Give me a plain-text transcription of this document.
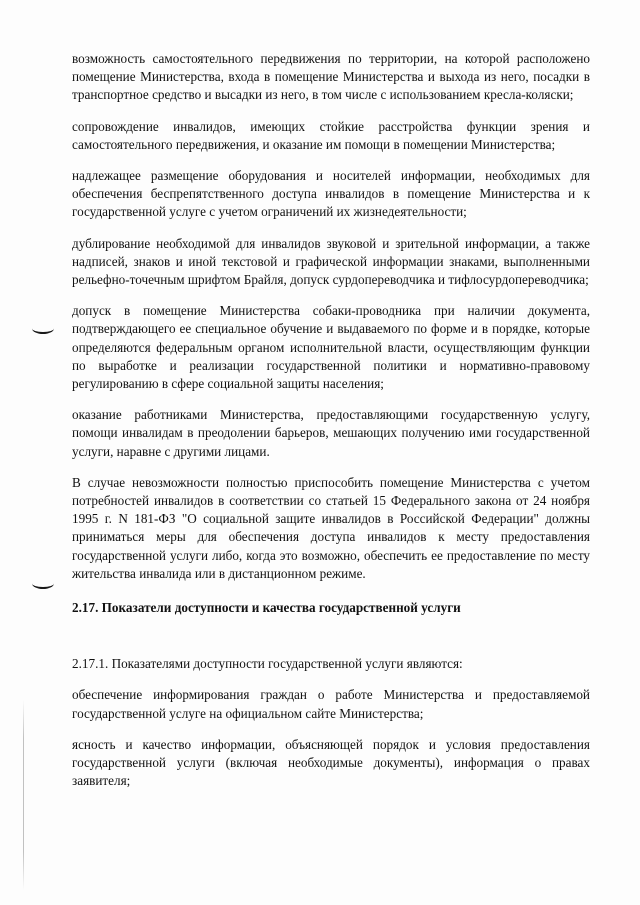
возможность самостоятельного передвижения по территории, на которой расположено помещение Министерства, входа в помещение Министерства и выхода из него, посадки в транспортное средство и высадки из него, в том числе с использованием кресла-коляски;

сопровождение инвалидов, имеющих стойкие расстройства функции зрения и самостоятельного передвижения, и оказание им помощи в помещении Министерства;

надлежащее размещение оборудования и носителей информации, необходимых для обеспечения беспрепятственного доступа инвалидов в помещение Министерства и к государственной услуге с учетом ограничений их жизнедеятельности;

дублирование необходимой для инвалидов звуковой и зрительной информации, а также надписей, знаков и иной текстовой и графической информации знаками, выполненными рельефно-точечным шрифтом Брайля, допуск сурдопереводчика и тифлосурдопереводчика;

допуск в помещение Министерства собаки-проводника при наличии документа, подтверждающего ее специальное обучение и выдаваемого по форме и в порядке, которые определяются федеральным органом исполнительной власти, осуществляющим функции по выработке и реализации государственной политики и нормативно-правовому регулированию в сфере социальной защиты населения;

оказание работниками Министерства, предоставляющими государственную услугу, помощи инвалидам в преодолении барьеров, мешающих получению ими государственной услуги, наравне с другими лицами.

В случае невозможности полностью приспособить помещение Министерства с учетом потребностей инвалидов в соответствии со статьей 15 Федерального закона от 24 ноября 1995 г. N 181-ФЗ "О социальной защите инвалидов в Российской Федерации" должны приниматься меры для обеспечения доступа инвалидов к месту предоставления государственной услуги либо, когда это возможно, обеспечить ее предоставление по месту жительства инвалида или в дистанционном режиме.

2.17. Показатели доступности и качества государственной услуги

2.17.1. Показателями доступности государственной услуги являются:

обеспечение информирования граждан о работе Министерства и предоставляемой государственной услуге на официальном сайте Министерства;

ясность и качество информации, объясняющей порядок и условия предоставления государственной услуги (включая необходимые документы), информация о правах заявителя;
